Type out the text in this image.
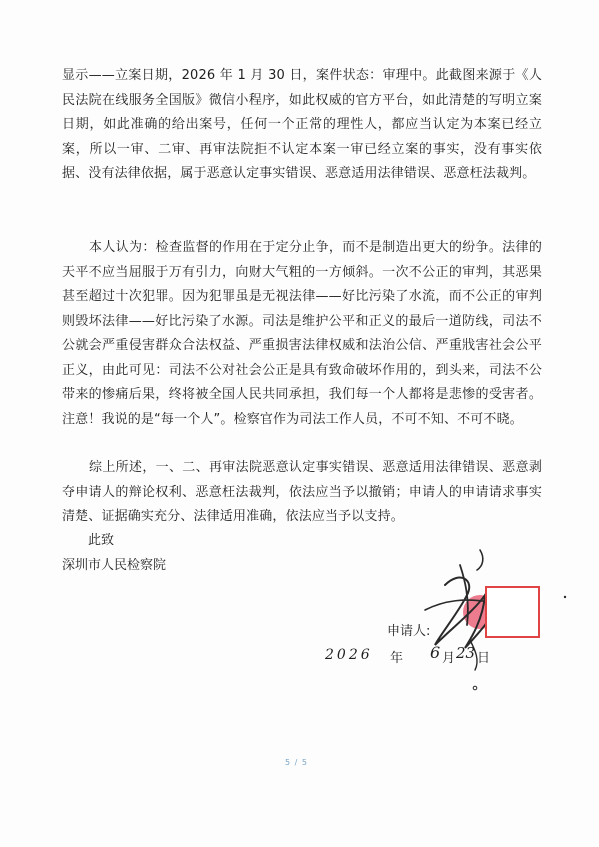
显示——立案日期，2026 年 1 月 30 日，案件状态：审理中。此截图来源于《人民法院在线服务全国版》微信小程序，如此权威的官方平台，如此清楚的写明立案日期，如此准确的给出案号，任何一个正常的理性人，都应当认定为本案已经立案，所以一审、二审、再审法院拒不认定本案一审已经立案的事实，没有事实依据、没有法律依据，属于恶意认定事实错误、恶意适用法律错误、恶意枉法裁判。

本人认为：检查监督的作用在于定分止争，而不是制造出更大的纷争。法律的天平不应当屈服于万有引力，向财大气粗的一方倾斜。一次不公正的审判，其恶果甚至超过十次犯罪。因为犯罪虽是无视法律——好比污染了水流，而不公正的审判则毁坏法律——好比污染了水源。司法是维护公平和正义的最后一道防线，司法不公就会严重侵害群众合法权益、严重损害法律权威和法治公信、严重戕害社会公平正义，由此可见：司法不公对社会公正是具有致命破坏作用的，到头来，司法不公带来的惨痛后果，终将被全国人民共同承担，我们每一个人都将是悲惨的受害者。注意！我说的是“每一个人”。检察官作为司法工作人员，不可不知、不可不晓。

综上所述，一、二、再审法院恶意认定事实错误、恶意适用法律错误、恶意剥夺申请人的辩论权利、恶意枉法裁判，依法应当予以撤销；申请人的申请请求事实清楚、证据确实充分、法律适用准确，依法应当予以支持。

此致

深圳市人民检察院

申请人:

2026 年 6 月 23 日
5 / 5
